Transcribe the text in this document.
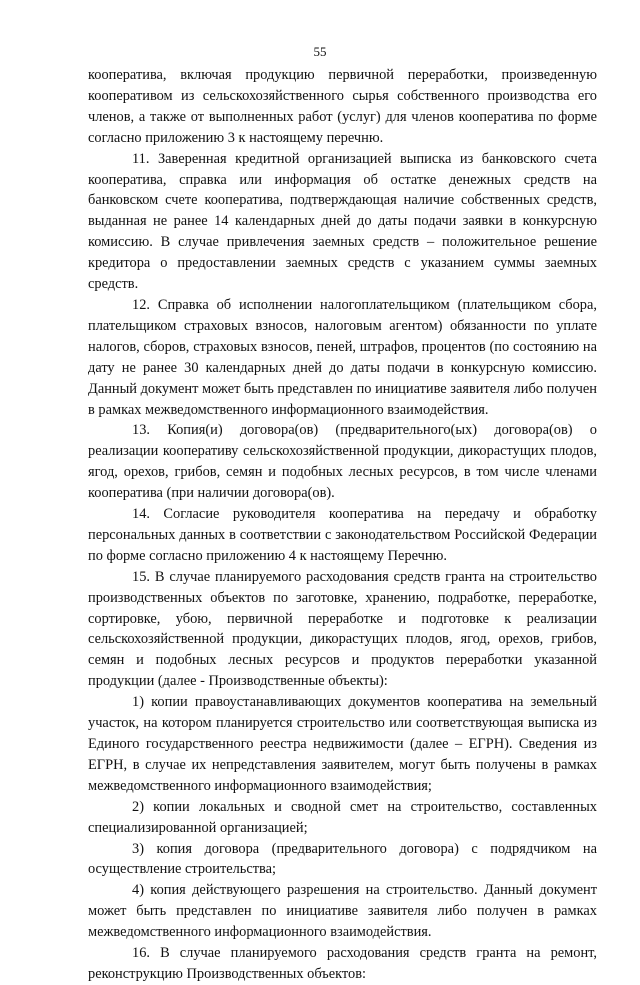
55

кооператива, включая продукцию первичной переработки, произведенную кооперативом из сельскохозяйственного сырья собственного производства его членов, а также от выполненных работ (услуг) для членов кооператива по форме согласно приложению 3 к настоящему перечню.

11. Заверенная кредитной организацией выписка из банковского счета кооператива, справка или информация об остатке денежных средств на банковском счете кооператива, подтверждающая наличие собственных средств, выданная не ранее 14 календарных дней до даты подачи заявки в конкурсную комиссию. В случае привлечения заемных средств – положительное решение кредитора о предоставлении заемных средств с указанием суммы заемных средств.

12. Справка об исполнении налогоплательщиком (плательщиком сбора, плательщиком страховых взносов, налоговым агентом) обязанности по уплате налогов, сборов, страховых взносов, пеней, штрафов, процентов (по состоянию на дату не ранее 30 календарных дней до даты подачи в конкурсную комиссию. Данный документ может быть представлен по инициативе заявителя либо получен в рамках межведомственного информационного взаимодействия.

13. Копия(и) договора(ов) (предварительного(ых) договора(ов) о реализации кооперативу сельскохозяйственной продукции, дикорастущих плодов, ягод, орехов, грибов, семян и подобных лесных ресурсов, в том числе членами кооператива (при наличии договора(ов).

14. Согласие руководителя кооператива на передачу и обработку персональных данных в соответствии с законодательством Российской Федерации по форме согласно приложению 4 к настоящему Перечню.

15. В случае планируемого расходования средств гранта на строительство производственных объектов по заготовке, хранению, подработке, переработке, сортировке, убою, первичной переработке и подготовке к реализации сельскохозяйственной продукции, дикорастущих плодов, ягод, орехов, грибов, семян и подобных лесных ресурсов и продуктов переработки указанной продукции (далее - Производственные объекты):

1) копии правоустанавливающих документов кооператива на земельный участок, на котором планируется строительство или соответствующая выписка из Единого государственного реестра недвижимости (далее – ЕГРН). Сведения из ЕГРН, в случае их непредставления заявителем, могут быть получены в рамках межведомственного информационного взаимодействия;

2) копии локальных и сводной смет на строительство, составленных специализированной организацией;

3) копия договора (предварительного договора) с подрядчиком на осуществление строительства;

4) копия действующего разрешения на строительство. Данный документ может быть представлен по инициативе заявителя либо получен в рамках межведомственного информационного взаимодействия.

16. В случае планируемого расходования средств гранта на ремонт, реконструкцию Производственных объектов:
